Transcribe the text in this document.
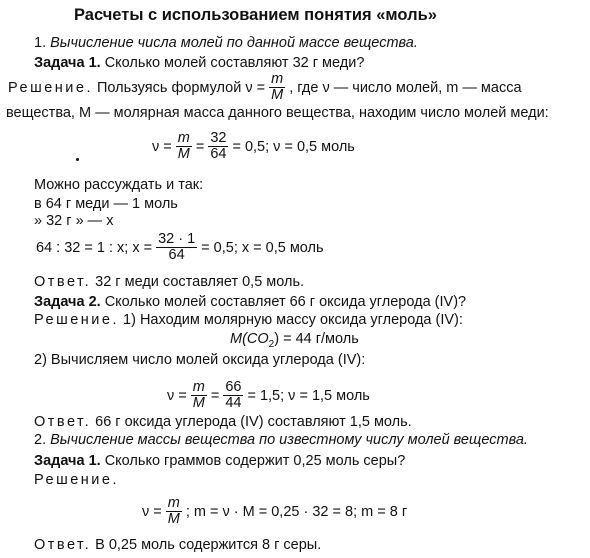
Расчеты с использованием понятия «моль»
1. Вычисление числа молей по данной массе вещества.
Задача 1. Сколько молей составляют 32 г меди?
Решение. Пользуясь формулой $\nu = \frac{m}{M}$ , где ν — число молей, m — масса
вещества, M — молярная масса данного вещества, находим число молей меди:
$\nu = \frac{m}{M} = \frac{32}{64} = 0,5$; ν = 0,5 моль
Можно рассуждать и так:
в 64 г меди — 1 моль
» 32 г » — x
64 : 32 = 1 : x; $x = \frac{32 \cdot 1}{64} = 0,5$; x = 0,5 моль
Ответ. 32 г меди составляет 0,5 моль.
Задача 2. Сколько молей составляет 66 г оксида углерода (IV)?
Решение. 1) Находим молярную массу оксида углерода (IV):
$M(CO_2) = 44$ г/моль
2) Вычисляем число молей оксида углерода (IV):
$\nu = \frac{m}{M} = \frac{66}{44} = 1,5$; ν = 1,5 моль
Ответ. 66 г оксида углерода (IV) составляют 1,5 моль.
2. Вычисление массы вещества по известному числу молей вещества.
Задача 1. Сколько граммов содержит 0,25 моль серы?
Решение.
$\nu = \frac{m}{M}$ ; m = ν · M = 0,25 · 32 = 8; m = 8 г
Ответ. В 0,25 моль содержится 8 г серы.
